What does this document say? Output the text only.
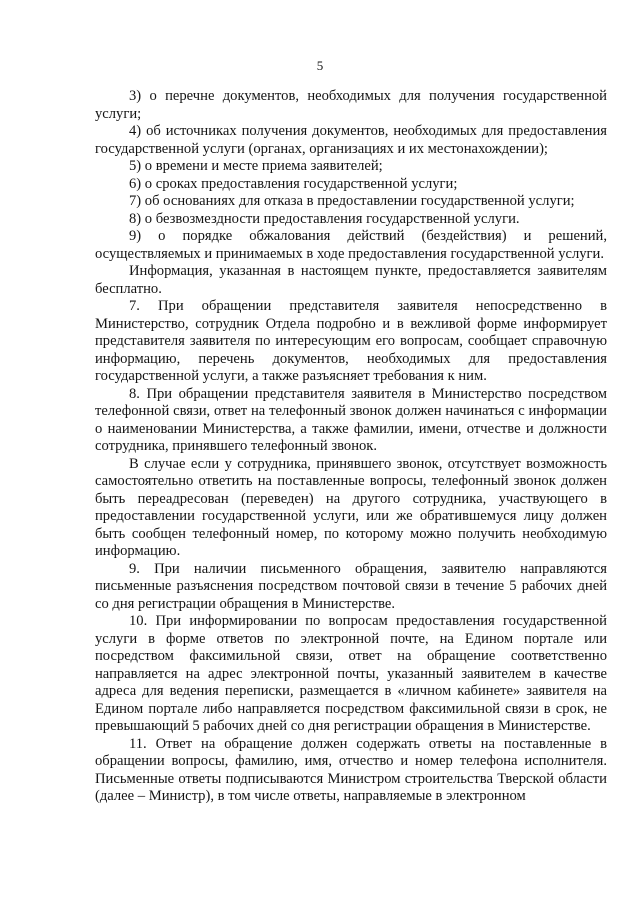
5

3) о перечне документов, необходимых для получения государственной услуги;

4) об источниках получения документов, необходимых для предоставления государственной услуги (органах, организациях и их местонахождении);

5) о времени и месте приема заявителей;

6) о сроках предоставления государственной услуги;

7) об основаниях для отказа в предоставлении государственной услуги;

8) о безвозмездности предоставления государственной услуги.

9) о порядке обжалования действий (бездействия) и решений, осуществляемых и принимаемых в ходе предоставления государственной услуги.

Информация, указанная в настоящем пункте, предоставляется заявителям бесплатно.

7. При обращении представителя заявителя непосредственно в Министерство, сотрудник Отдела подробно и в вежливой форме информирует представителя заявителя по интересующим его вопросам, сообщает справочную информацию, перечень документов, необходимых для предоставления государственной услуги, а также разъясняет требования к ним.

8. При обращении представителя заявителя в Министерство посредством телефонной связи, ответ на телефонный звонок должен начинаться с информации о наименовании Министерства, а также фамилии, имени, отчестве и должности сотрудника, принявшего телефонный звонок.

В случае если у сотрудника, принявшего звонок, отсутствует возможность самостоятельно ответить на поставленные вопросы, телефонный звонок должен быть переадресован (переведен) на другого сотрудника, участвующего в предоставлении государственной услуги, или же обратившемуся лицу должен быть сообщен телефонный номер, по которому можно получить необходимую информацию.

9. При наличии письменного обращения, заявителю направляются письменные разъяснения посредством почтовой связи в течение 5 рабочих дней со дня регистрации обращения в Министерстве.

10. При информировании по вопросам предоставления государственной услуги в форме ответов по электронной почте, на Едином портале или посредством факсимильной связи, ответ на обращение соответственно направляется на адрес электронной почты, указанный заявителем в качестве адреса для ведения переписки, размещается в «личном кабинете» заявителя на Едином портале либо направляется посредством факсимильной связи в срок, не превышающий 5 рабочих дней со дня регистрации обращения в Министерстве.

11. Ответ на обращение должен содержать ответы на поставленные в обращении вопросы, фамилию, имя, отчество и номер телефона исполнителя. Письменные ответы подписываются Министром строительства Тверской области (далее – Министр), в том числе ответы, направляемые в электронном
